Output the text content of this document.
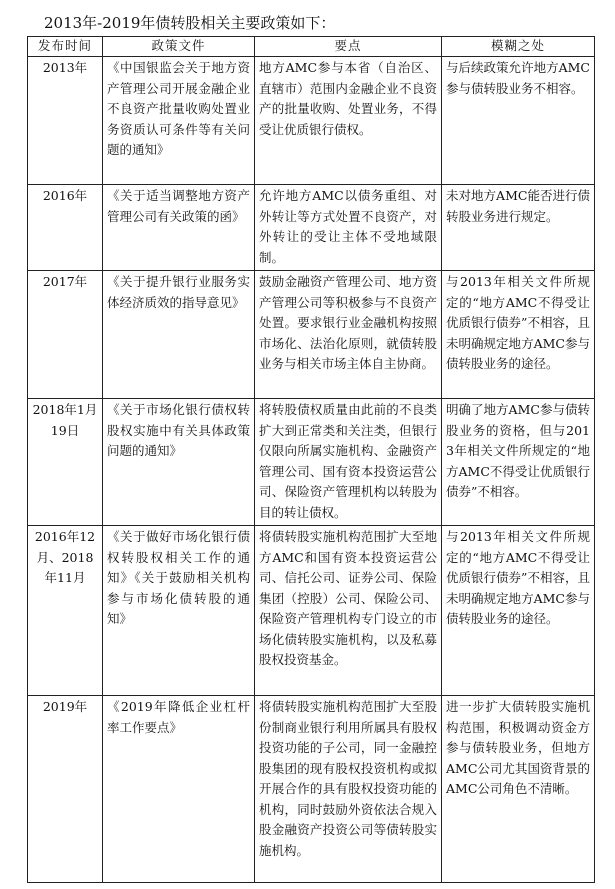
2013年-2019年债转股相关主要政策如下：
发布时间	政策文件	要点	模糊之处
2013年	《中国银监会关于地方资产管理公司开展金融企业不良资产批量收购处置业务资质认可条件等有关问题的通知》	地方AMC参与本省（自治区、直辖市）范围内金融企业不良资产的批量收购、处置业务，不得受让优质银行债权。	与后续政策允许地方AMC参与债转股业务不相容。
2016年	《关于适当调整地方资产管理公司有关政策的函》	允许地方AMC以债务重组、对外转让等方式处置不良资产，对外转让的受让主体不受地域限制。	未对地方AMC能否进行债转股业务进行规定。
2017年	《关于提升银行业服务实体经济质效的指导意见》	鼓励金融资产管理公司、地方资产管理公司等积极参与不良资产处置。要求银行业金融机构按照市场化、法治化原则，就债转股业务与相关市场主体自主协商。	与2013年相关文件所规定的“地方AMC不得受让优质银行债券”不相容，且未明确规定地方AMC参与债转股业务的途径。
2018年1月19日	《关于市场化银行债权转股权实施中有关具体政策问题的通知》	将转股债权质量由此前的不良类扩大到正常类和关注类，但银行仅限向所属实施机构、金融资产管理公司、国有资本投资运营公司、保险资产管理机构以转股为目的转让债权。	明确了地方AMC参与债转股业务的资格，但与2013年相关文件所规定的“地方AMC不得受让优质银行债券”不相容。
2016年12月、2018年11月	《关于做好市场化银行债权转股权相关工作的通知》《关于鼓励相关机构参与市场化债转股的通知》	将债转股实施机构范围扩大至地方AMC和国有资本投资运营公司、信托公司、证券公司、保险集团（控股）公司、保险公司、保险资产管理机构专门设立的市场化债转股实施机构，以及私募股权投资基金。	与2013年相关文件所规定的“地方AMC不得受让优质银行债券”不相容，且未明确规定地方AMC参与债转股业务的途径。
2019年	《2019年降低企业杠杆率工作要点》	将债转股实施机构范围扩大至股份制商业银行利用所属具有股权投资功能的子公司，同一金融控股集团的现有股权投资机构或拟开展合作的具有股权投资功能的机构，同时鼓励外资依法合规入股金融资产投资公司等债转股实施机构。	进一步扩大债转股实施机构范围，积极调动资金方参与债转股业务，但地方AMC公司尤其国资背景的AMC公司角色不清晰。
